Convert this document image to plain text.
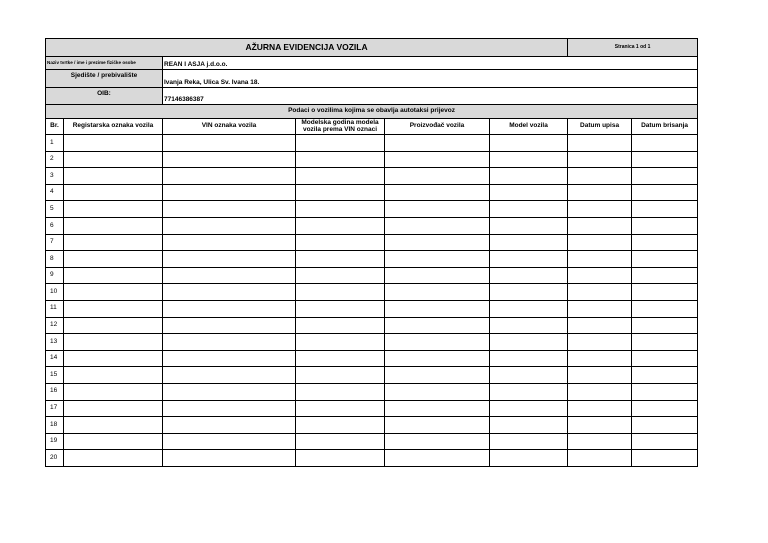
AŽURNA EVIDENCIJA VOZILA						Stranica 1 od 1	
Naziv tvrtke / ime i prezime fizičke osobe		REAN I ASJA j.d.o.o.					
Sjedište / prebivalište		Ivanja Reka, Ulica Sv. Ivana 18.					
OIB:		77146386387					
Podaci o vozilima kojima se obavlja autotaksi prijevoz							
Br.	Registarska oznaka vozila	VIN oznaka vozila	Modelska godina modela vozila prema VIN oznaci	Proizvođač vozila	Model vozila	Datum upisa	Datum brisanja
1							
2							
3							
4							
5							
6							
7							
8							
9							
10							
11							
12							
13							
14							
15							
16							
17							
18							
19							
20							
